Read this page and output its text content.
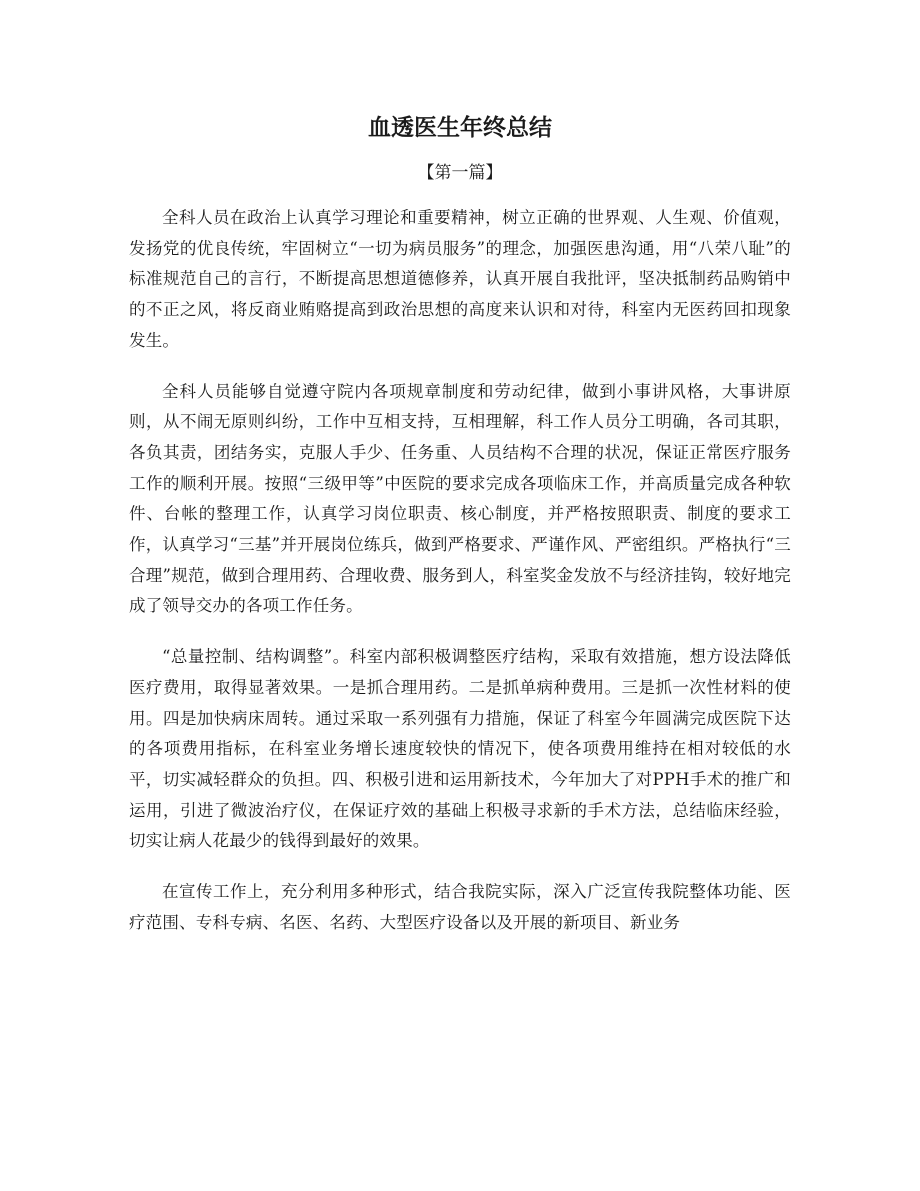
血透医生年终总结
【第一篇】

全科人员在政治上认真学习理论和重要精神，树立正确的世界观、人生观、价值观，发扬党的优良传统，牢固树立“一切为病员服务”的理念，加强医患沟通，用“八荣八耻”的标准规范自己的言行，不断提高思想道德修养，认真开展自我批评，坚决抵制药品购销中的不正之风，将反商业贿赂提高到政治思想的高度来认识和对待，科室内无医药回扣现象发生。

全科人员能够自觉遵守院内各项规章制度和劳动纪律，做到小事讲风格，大事讲原则，从不闹无原则纠纷，工作中互相支持，互相理解，科工作人员分工明确，各司其职，各负其责，团结务实，克服人手少、任务重、人员结构不合理的状况，保证正常医疗服务工作的顺利开展。按照“三级甲等”中医院的要求完成各项临床工作，并高质量完成各种软件、台帐的整理工作，认真学习岗位职责、核心制度，并严格按照职责、制度的要求工作，认真学习“三基”并开展岗位练兵，做到严格要求、严谨作风、严密组织。严格执行“三合理”规范，做到合理用药、合理收费、服务到人，科室奖金发放不与经济挂钩，较好地完成了领导交办的各项工作任务。

“总量控制、结构调整”。科室内部积极调整医疗结构，采取有效措施，想方设法降低医疗费用，取得显著效果。一是抓合理用药。二是抓单病种费用。三是抓一次性材料的使用。四是加快病床周转。通过采取一系列强有力措施，保证了科室今年圆满完成医院下达的各项费用指标，在科室业务增长速度较快的情况下，使各项费用维持在相对较低的水平，切实减轻群众的负担。四、积极引进和运用新技术，今年加大了对PPH手术的推广和运用，引进了微波治疗仪，在保证疗效的基础上积极寻求新的手术方法，总结临床经验，切实让病人花最少的钱得到最好的效果。

在宣传工作上，充分利用多种形式，结合我院实际，深入广泛宣传我院整体功能、医疗范围、专科专病、名医、名药、大型医疗设备以及开展的新项目、新业务
